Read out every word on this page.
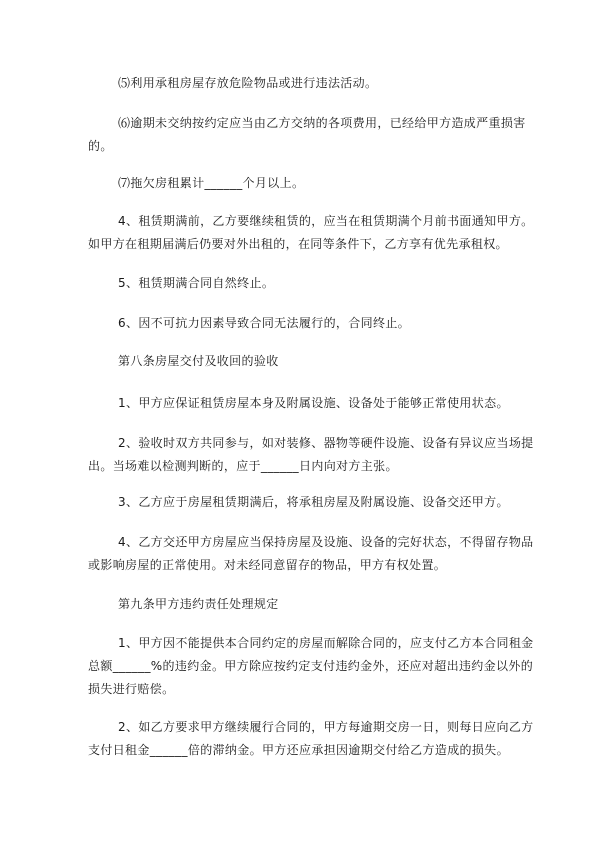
⑸利用承租房屋存放危险物品或进行违法活动。

⑹逾期未交纳按约定应当由乙方交纳的各项费用，已经给甲方造成严重损害的。

⑺拖欠房租累计______个月以上。

4、租赁期满前，乙方要继续租赁的，应当在租赁期满个月前书面通知甲方。如甲方在租期届满后仍要对外出租的，在同等条件下，乙方享有优先承租权。

5、租赁期满合同自然终止。

6、因不可抗力因素导致合同无法履行的，合同终止。

第八条房屋交付及收回的验收

1、甲方应保证租赁房屋本身及附属设施、设备处于能够正常使用状态。

2、验收时双方共同参与，如对装修、器物等硬件设施、设备有异议应当场提出。当场难以检测判断的，应于______日内向对方主张。

3、乙方应于房屋租赁期满后，将承租房屋及附属设施、设备交还甲方。

4、乙方交还甲方房屋应当保持房屋及设施、设备的完好状态，不得留存物品或影响房屋的正常使用。对未经同意留存的物品，甲方有权处置。

第九条甲方违约责任处理规定

1、甲方因不能提供本合同约定的房屋而解除合同的，应支付乙方本合同租金总额______%的违约金。甲方除应按约定支付违约金外，还应对超出违约金以外的损失进行赔偿。

2、如乙方要求甲方继续履行合同的，甲方每逾期交房一日，则每日应向乙方支付日租金______倍的滞纳金。甲方还应承担因逾期交付给乙方造成的损失。
